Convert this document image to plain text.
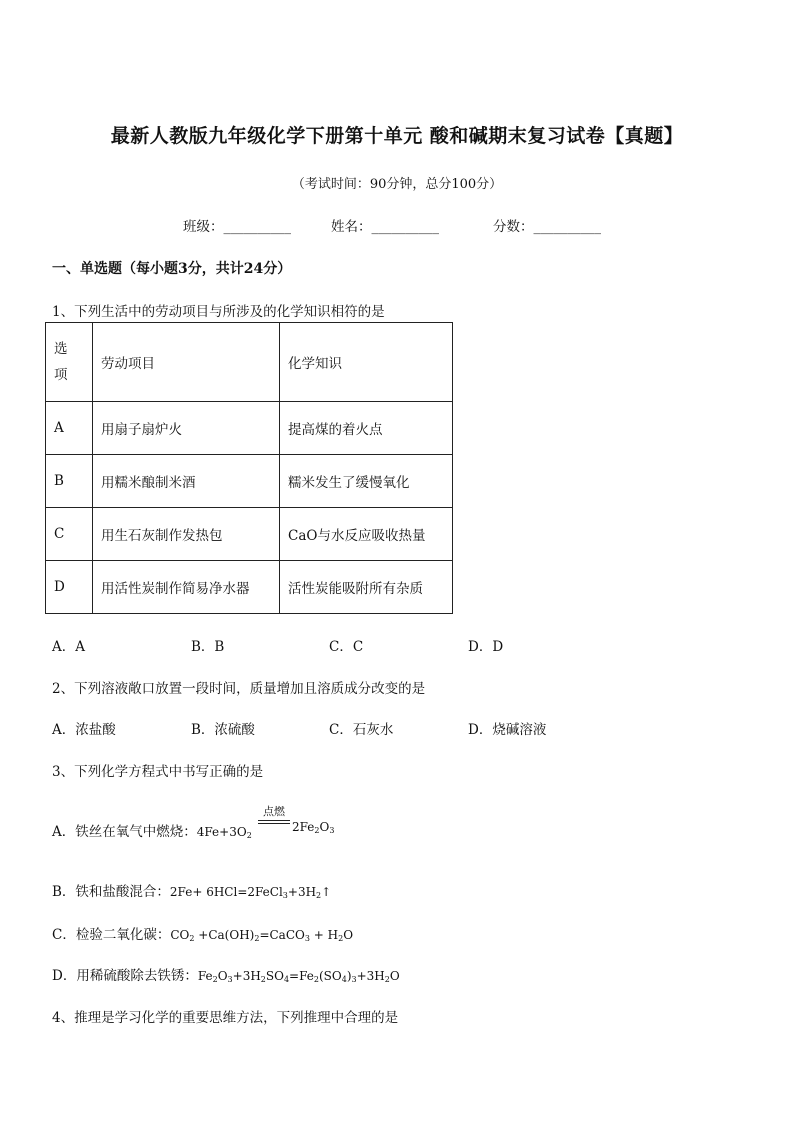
最新人教版九年级化学下册第十单元 酸和碱期末复习试卷【真题】
（考试时间：90分钟，总分100分）
班级：__________	姓名：__________	分数：__________
一、单选题（每小题3分，共计24分）
1、下列生活中的劳动项目与所涉及的化学知识相符的是
选
项	劳动项目	化学知识
A	用扇子扇炉火	提高煤的着火点
B	用糯米酿制米酒	糯米发生了缓慢氧化
C	用生石灰制作发热包	CaO与水反应吸收热量
D	用活性炭制作简易净水器	活性炭能吸附所有杂质
A．A	B．B	C．C	D．D
2、下列溶液敞口放置一段时间，质量增加且溶质成分改变的是
A．浓盐酸	B．浓硫酸	C．石灰水	D．烧碱溶液
3、下列化学方程式中书写正确的是
A．铁丝在氧气中燃烧：$4Fe+3O_2$
点燃
$2Fe_2O_3$
B．铁和盐酸混合：$2Fe+ 6HCl=2FeCl_3+3H_2↑$
C．检验二氧化碳：$CO_2$ $+Ca(OH)_2=CaCO_3 + H_2O$
D．用稀硫酸除去铁锈：$Fe_2O_3+3H_2SO_4=Fe_2(SO_4)_3+3H_2O$
4、推理是学习化学的重要思维方法，下列推理中合理的是
